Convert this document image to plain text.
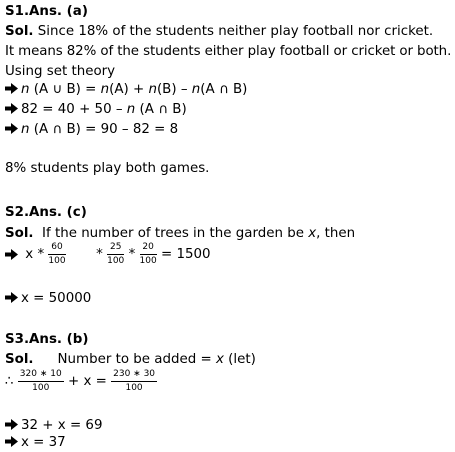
S1.Ans. (a)
Sol. Since 18% of the students neither play football nor cricket.
It means 82% of the students either play football or cricket or both.
Using set theory
n (A ∪ B) = n(A) + n(B) – n(A ∩ B)
82 = 40 + 50 – n (A ∩ B)
n (A ∩ B) = 90 – 82 = 8
8% students play both games.
S2.Ans. (c)
Sol. If the number of trees in the garden be x, then
$x * \frac{60}{100} * \frac{25}{100} * \frac{20}{100} = 1500$
x = 50000
S3.Ans. (b)
Sol. Number to be added = x (let)
∴ $\frac{320 ∗ 10}{100} + x = \frac{230 ∗ 30}{100}$
32 + x = 69
x = 37
